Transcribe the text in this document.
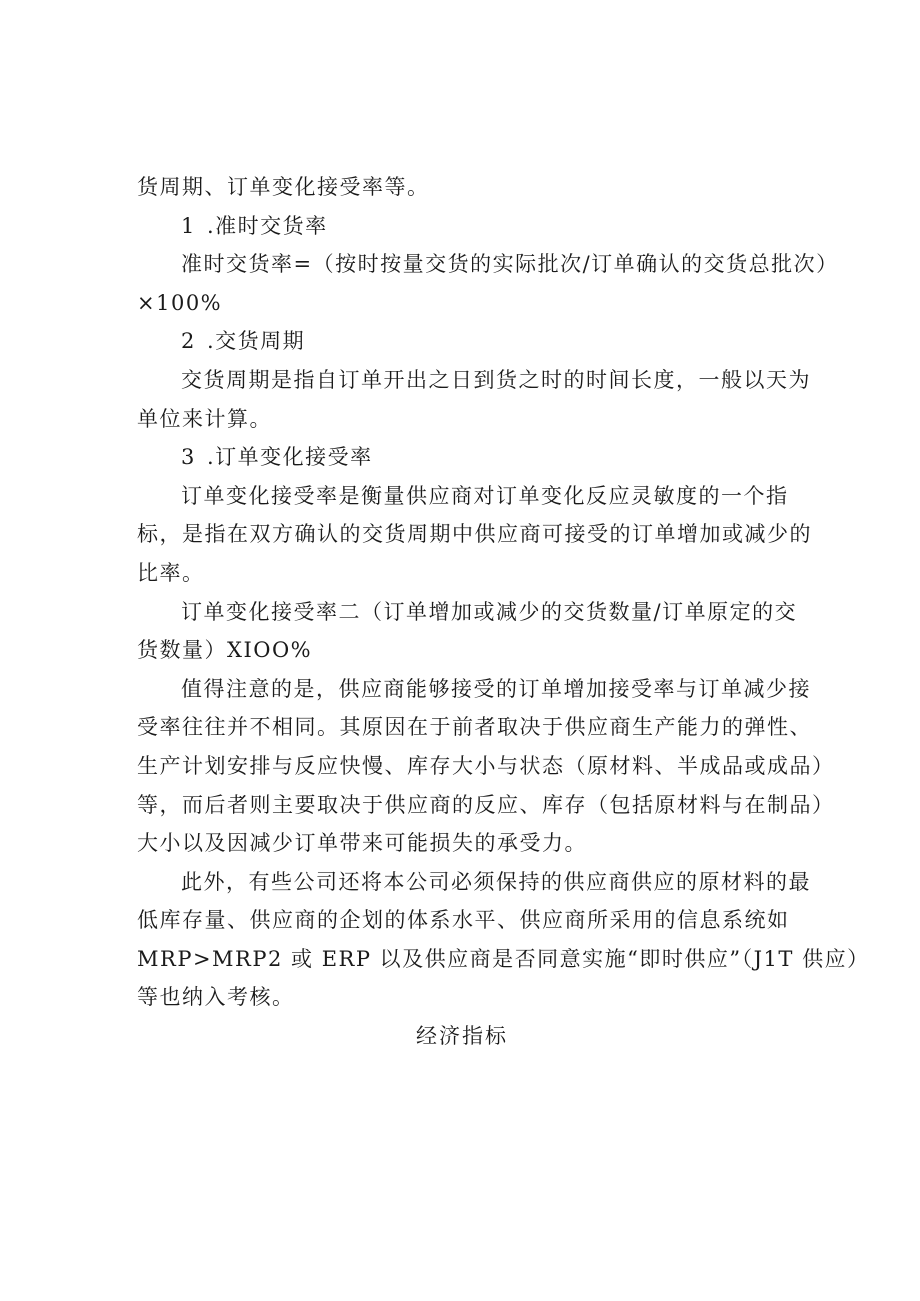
货周期、订单变化接受率等。

1 .准时交货率

准时交货率=（按时按量交货的实际批次/订单确认的交货总批次）
×100%

2 .交货周期

交货周期是指自订单开出之日到货之时的时间长度，一般以天为
单位来计算。

3 .订单变化接受率

订单变化接受率是衡量供应商对订单变化反应灵敏度的一个指
标，是指在双方确认的交货周期中供应商可接受的订单增加或减少的
比率。

订单变化接受率二（订单增加或减少的交货数量/订单原定的交
货数量）XIOO%

值得注意的是，供应商能够接受的订单增加接受率与订单减少接
受率往往并不相同。其原因在于前者取决于供应商生产能力的弹性、
生产计划安排与反应快慢、库存大小与状态（原材料、半成品或成品）
等，而后者则主要取决于供应商的反应、库存（包括原材料与在制品）
大小以及因减少订单带来可能损失的承受力。

此外，有些公司还将本公司必须保持的供应商供应的原材料的最
低库存量、供应商的企划的体系水平、供应商所采用的信息系统如
MRP>MRP2 或 ERP 以及供应商是否同意实施“即时供应”（J1T 供应）
等也纳入考核。

经济指标
